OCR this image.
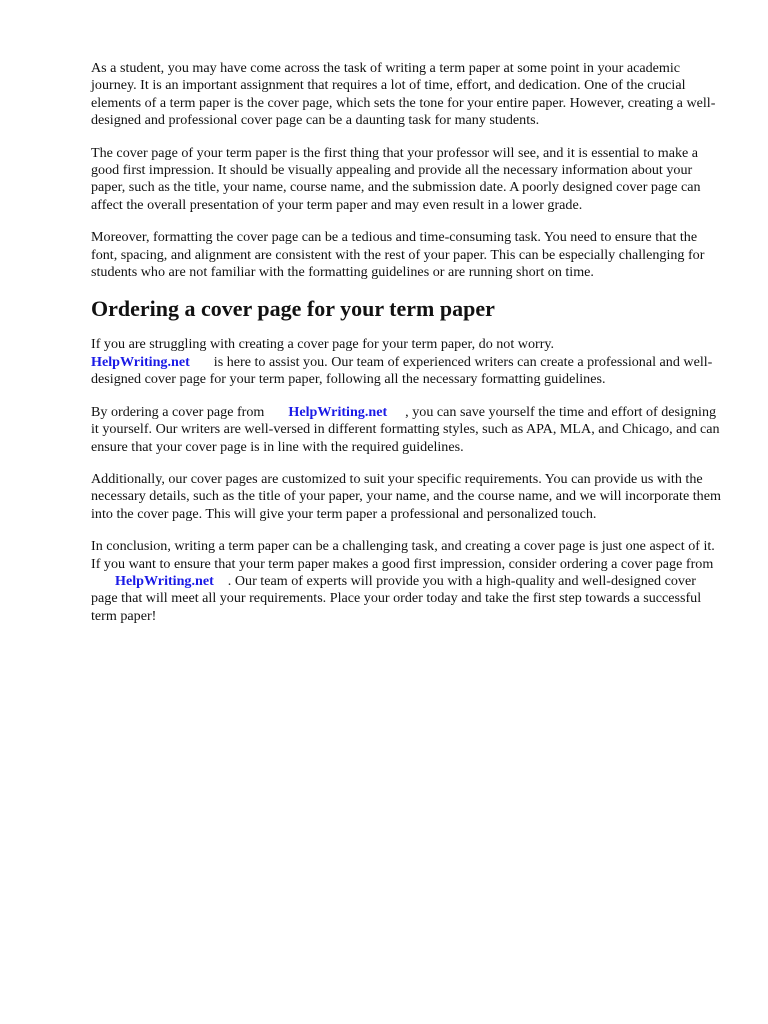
As a student, you may have come across the task of writing a term paper at some point in your academic journey. It is an important assignment that requires a lot of time, effort, and dedication. One of the crucial elements of a term paper is the cover page, which sets the tone for your entire paper. However, creating a well-designed and professional cover page can be a daunting task for many students.

The cover page of your term paper is the first thing that your professor will see, and it is essential to make a good first impression. It should be visually appealing and provide all the necessary information about your paper, such as the title, your name, course name, and the submission date. A poorly designed cover page can affect the overall presentation of your term paper and may even result in a lower grade.

Moreover, formatting the cover page can be a tedious and time-consuming task. You need to ensure that the font, spacing, and alignment are consistent with the rest of your paper. This can be especially challenging for students who are not familiar with the formatting guidelines or are running short on time.

Ordering a cover page for your term paper

If you are struggling with creating a cover page for your term paper, do not worry.
HelpWriting.net is here to assist you. Our team of experienced writers can create a professional and well-designed cover page for your term paper, following all the necessary formatting guidelines.

By ordering a cover page from HelpWriting.net , you can save yourself the time and effort of designing it yourself. Our writers are well-versed in different formatting styles, such as APA, MLA, and Chicago, and can ensure that your cover page is in line with the required guidelines.

Additionally, our cover pages are customized to suit your specific requirements. You can provide us with the necessary details, such as the title of your paper, your name, and the course name, and we will incorporate them into the cover page. This will give your term paper a professional and personalized touch.

In conclusion, writing a term paper can be a challenging task, and creating a cover page is just one aspect of it. If you want to ensure that your term paper makes a good first impression, consider ordering a cover page fromHelpWriting.net . Our team of experts will provide you with a high-quality and well-designed cover page that will meet all your requirements. Place your order today and take the first step towards a successful term paper!
